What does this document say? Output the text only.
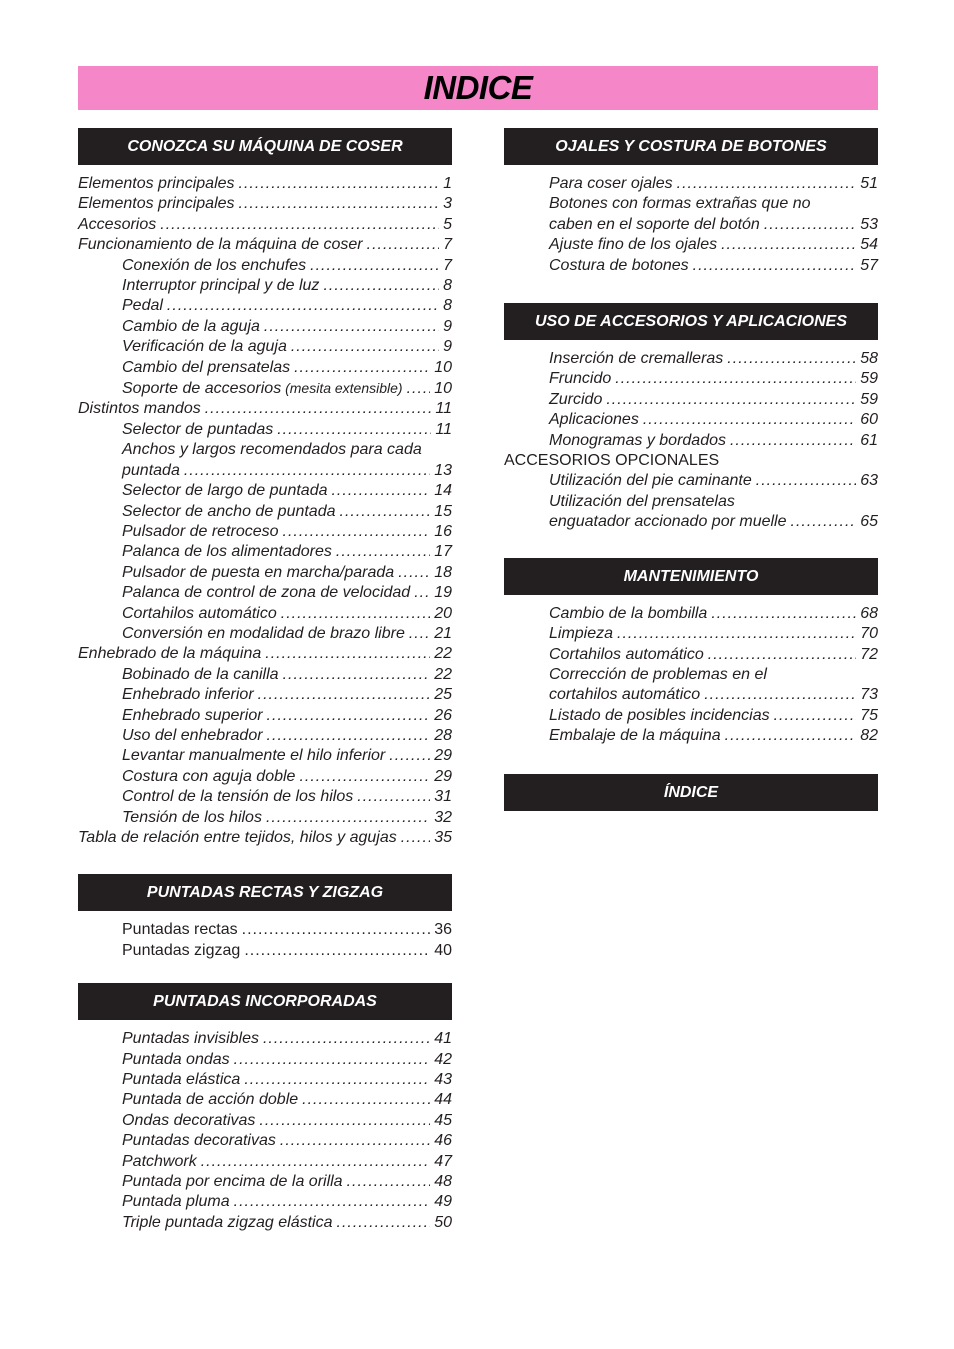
INDICE
CONOZCA SU MÁQUINA DE COSER
Elementos principales .....	1
Elementos principales .....	3
Accesorios .....	5
Funcionamiento de la máquina de coser .....	7
Conexión de los enchufes .....	7
Interruptor principal y de luz .....	8
Pedal .....	8
Cambio de la aguja .....	9
Verificación de la aguja .....	9
Cambio del prensatelas .....	10
Soporte de accesorios (mesita extensible) ..... 10
Distintos mandos .....	11
Selector de puntadas .....	11
Anchos y largos recomendados para cada
puntada .....	13
Selector de largo de puntada .....	14
Selector de ancho de puntada .....	15
Pulsador de retroceso .....	16
Palanca de los alimentadores .....	17
Pulsador de puesta en marcha/parada .....	18
Palanca de control de zona de velocidad ..... 19
Cortahilos automático .....	20
Conversión en modalidad de brazo libre ..... 21
Enhebrado de la máquina .....	22
Bobinado de la canilla .....	22
Enhebrado inferior .....	25
Enhebrado superior .....	26
Uso del enhebrador .....	28
Levantar manualmente el hilo inferior .....	29
Costura con aguja doble .....	29
Control de la tensión de los hilos .....	31
Tensión de los hilos .....	32
Tabla de relación entre tejidos, hilos y agujas ..... 35
PUNTADAS RECTAS Y ZIGZAG
Puntadas rectas .....	36
Puntadas zigzag .....	40
PUNTADAS INCORPORADAS
Puntadas invisibles .....	41
Puntada ondas .....	42
Puntada elástica .....	43
Puntada de acción doble .....	44
Ondas decorativas .....	45
Puntadas decorativas .....	46
Patchwork .....	47
Puntada por encima de la orilla .....	48
Puntada pluma .....	49
Triple puntada zigzag elástica .....	50
OJALES Y COSTURA DE BOTONES
Para coser ojales .....	51
Botones con formas extrañas que no
caben en el soporte del botón .....	53
Ajuste fino de los ojales .....	54
Costura de botones .....	57
USO DE ACCESORIOS Y APLICACIONES
Inserción de cremalleras .....	58
Fruncido .....	59
Zurcido .....	59
Aplicaciones .....	60
Monogramas y bordados .....	61
ACCESORIOS OPCIONALES
Utilización del pie caminante .....	63
Utilización del prensatelas
enguatador accionado por muelle .....	65
MANTENIMIENTO
Cambio de la bombilla .....	68
Limpieza .....	70
Cortahilos automático .....	72
Corrección de problemas en el
cortahilos automático .....	73
Listado de posibles incidencias .....	75
Embalaje de la máquina .....	82
ÍNDICE
